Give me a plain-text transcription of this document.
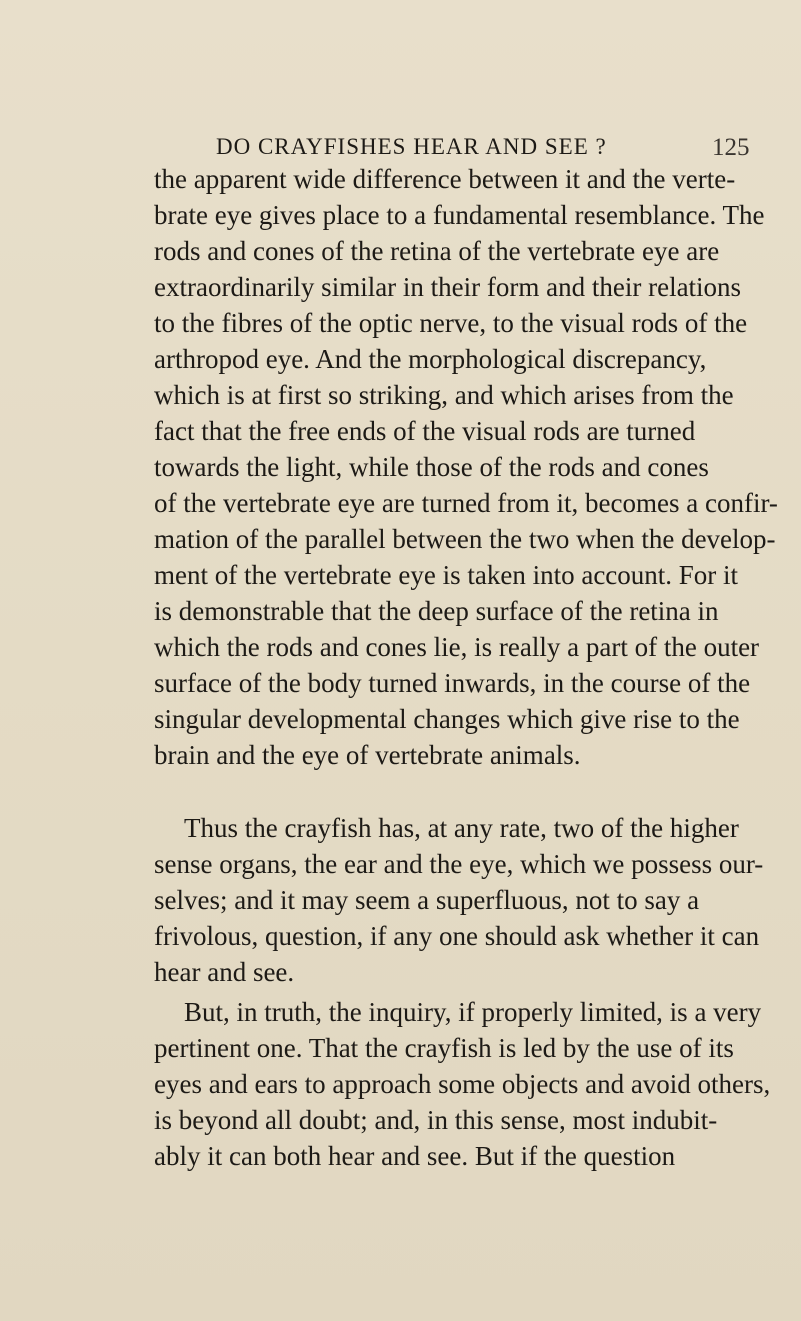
DO CRAYFISHES HEAR AND SEE ?	125
the apparent wide difference between it and the verte-
brate eye gives place to a fundamental resemblance. The
rods and cones of the retina of the vertebrate eye are
extraordinarily similar in their form and their relations
to the fibres of the optic nerve, to the visual rods of the
arthropod eye. And the morphological discrepancy,
which is at first so striking, and which arises from the
fact that the free ends of the visual rods are turned
towards the light, while those of the rods and cones
of the vertebrate eye are turned from it, becomes a confir-
mation of the parallel between the two when the develop-
ment of the vertebrate eye is taken into account. For it
is demonstrable that the deep surface of the retina in
which the rods and cones lie, is really a part of the outer
surface of the body turned inwards, in the course of the
singular developmental changes which give rise to the
brain and the eye of vertebrate animals.
Thus the crayfish has, at any rate, two of the higher
sense organs, the ear and the eye, which we possess our-
selves; and it may seem a superfluous, not to say a
frivolous, question, if any one should ask whether it can
hear and see.
But, in truth, the inquiry, if properly limited, is a very
pertinent one. That the crayfish is led by the use of its
eyes and ears to approach some objects and avoid others,
is beyond all doubt; and, in this sense, most indubit-
ably it can both hear and see. But if the question
